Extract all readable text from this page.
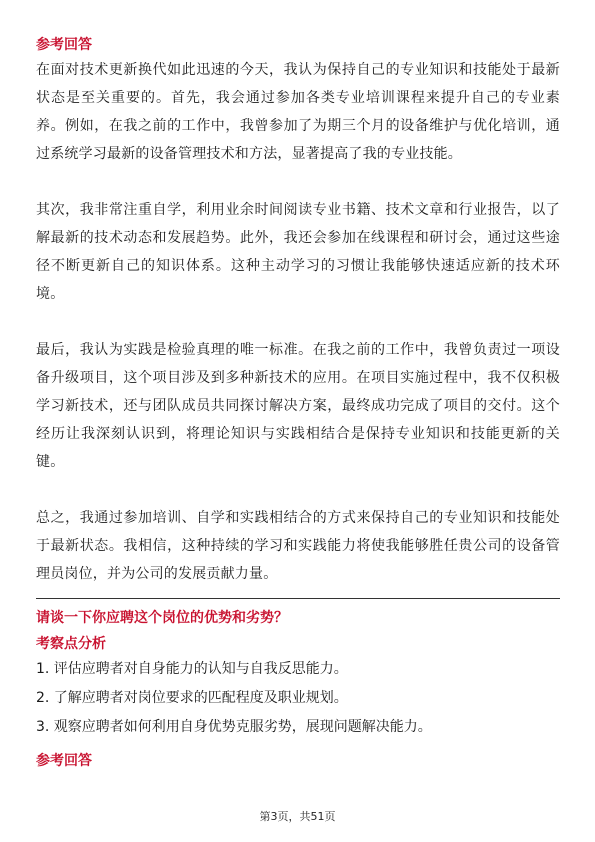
参考回答

在面对技术更新换代如此迅速的今天，我认为保持自己的专业知识和技能处于最新状态是至关重要的。首先，我会通过参加各类专业培训课程来提升自己的专业素养。例如，在我之前的工作中，我曾参加了为期三个月的设备维护与优化培训，通过系统学习最新的设备管理技术和方法，显著提高了我的专业技能。

其次，我非常注重自学，利用业余时间阅读专业书籍、技术文章和行业报告，以了解最新的技术动态和发展趋势。此外，我还会参加在线课程和研讨会，通过这些途径不断更新自己的知识体系。这种主动学习的习惯让我能够快速适应新的技术环境。

最后，我认为实践是检验真理的唯一标准。在我之前的工作中，我曾负责过一项设备升级项目，这个项目涉及到多种新技术的应用。在项目实施过程中，我不仅积极学习新技术，还与团队成员共同探讨解决方案，最终成功完成了项目的交付。这个经历让我深刻认识到，将理论知识与实践相结合是保持专业知识和技能更新的关键。

总之，我通过参加培训、自学和实践相结合的方式来保持自己的专业知识和技能处于最新状态。我相信，这种持续的学习和实践能力将使我能够胜任贵公司的设备管理员岗位，并为公司的发展贡献力量。

请谈一下你应聘这个岗位的优势和劣势？

考察点分析

1. 评估应聘者对自身能力的认知与自我反思能力。
2. 了解应聘者对岗位要求的匹配程度及职业规划。
3. 观察应聘者如何利用自身优势克服劣势，展现问题解决能力。

参考回答

第3页，共51页
